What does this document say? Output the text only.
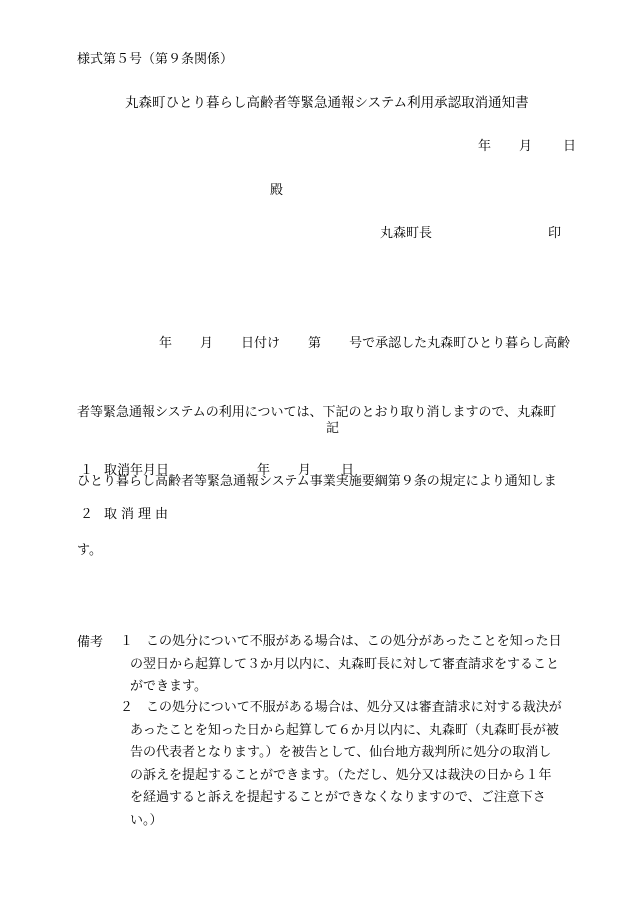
様式第５号（第９条関係）
丸森町ひとり暮らし高齢者等緊急通報システム利用承認取消通知書
年 月 日
殿
丸森町長	印

年 月 日付け 第 号で承認した丸森町ひとり暮らし高齢

者等緊急通報システムの利用については、下記のとおり取り消しますので、丸森町

ひとり暮らし高齢者等緊急通報システム事業実施要綱第９条の規定により通知しま

す。

記
１ 取消年月日	年 月 日
２ 取消理由
備考 １ この処分について不服がある場合は、この処分があったことを知った日
の翌日から起算して３か月以内に、丸森町長に対して審査請求をすること
ができます。
２ この処分について不服がある場合は、処分又は審査請求に対する裁決が
あったことを知った日から起算して６か月以内に、丸森町（丸森町長が被
告の代表者となります。）を被告として、仙台地方裁判所に処分の取消し
の訴えを提起することができます。（ただし、処分又は裁決の日から１年
を経過すると訴えを提起することができなくなりますので、ご注意下さ
い。）
